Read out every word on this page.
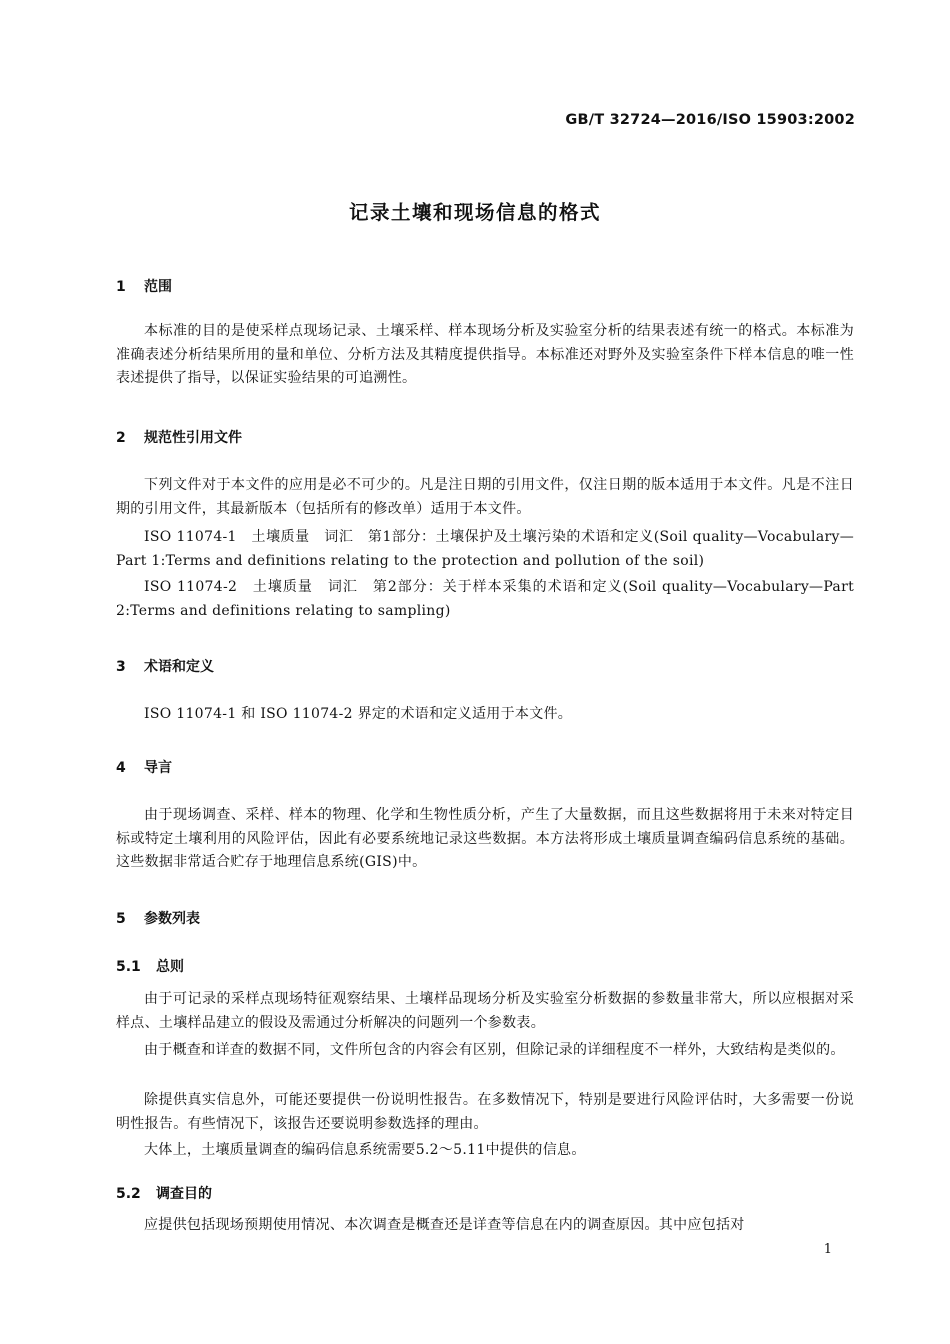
GB/T 32724—2016/ISO 15903:2002
记录土壤和现场信息的格式
1 范围
本标准的目的是使采样点现场记录、土壤采样、样本现场分析及实验室分析的结果表述有统一的格式。本标准为准确表述分析结果所用的量和单位、分析方法及其精度提供指导。本标准还对野外及实验室条件下样本信息的唯一性表述提供了指导，以保证实验结果的可追溯性。
2 规范性引用文件
下列文件对于本文件的应用是必不可少的。凡是注日期的引用文件，仅注日期的版本适用于本文件。凡是不注日期的引用文件，其最新版本（包括所有的修改单）适用于本文件。
ISO 11074-1　土壤质量　词汇　第1部分：土壤保护及土壤污染的术语和定义(Soil quality—Vocabulary—Part 1:Terms and definitions relating to the protection and pollution of the soil)
ISO 11074-2　土壤质量　词汇　第2部分：关于样本采集的术语和定义(Soil quality—Vocabulary—Part 2:Terms and definitions relating to sampling)
3 术语和定义
ISO 11074-1 和 ISO 11074-2 界定的术语和定义适用于本文件。
4 导言
由于现场调查、采样、样本的物理、化学和生物性质分析，产生了大量数据，而且这些数据将用于未来对特定目标或特定土壤利用的风险评估，因此有必要系统地记录这些数据。本方法将形成土壤质量调查编码信息系统的基础。这些数据非常适合贮存于地理信息系统(GIS)中。
5 参数列表
5.1 总则
由于可记录的采样点现场特征观察结果、土壤样品现场分析及实验室分析数据的参数量非常大，所以应根据对采样点、土壤样品建立的假设及需通过分析解决的问题列一个参数表。
由于概查和详查的数据不同，文件所包含的内容会有区别，但除记录的详细程度不一样外，大致结构是类似的。
除提供真实信息外，可能还要提供一份说明性报告。在多数情况下，特别是要进行风险评估时，大多需要一份说明性报告。有些情况下，该报告还要说明参数选择的理由。
大体上，土壤质量调查的编码信息系统需要5.2～5.11中提供的信息。
5.2 调查目的
应提供包括现场预期使用情况、本次调查是概查还是详查等信息在内的调查原因。其中应包括对
1
